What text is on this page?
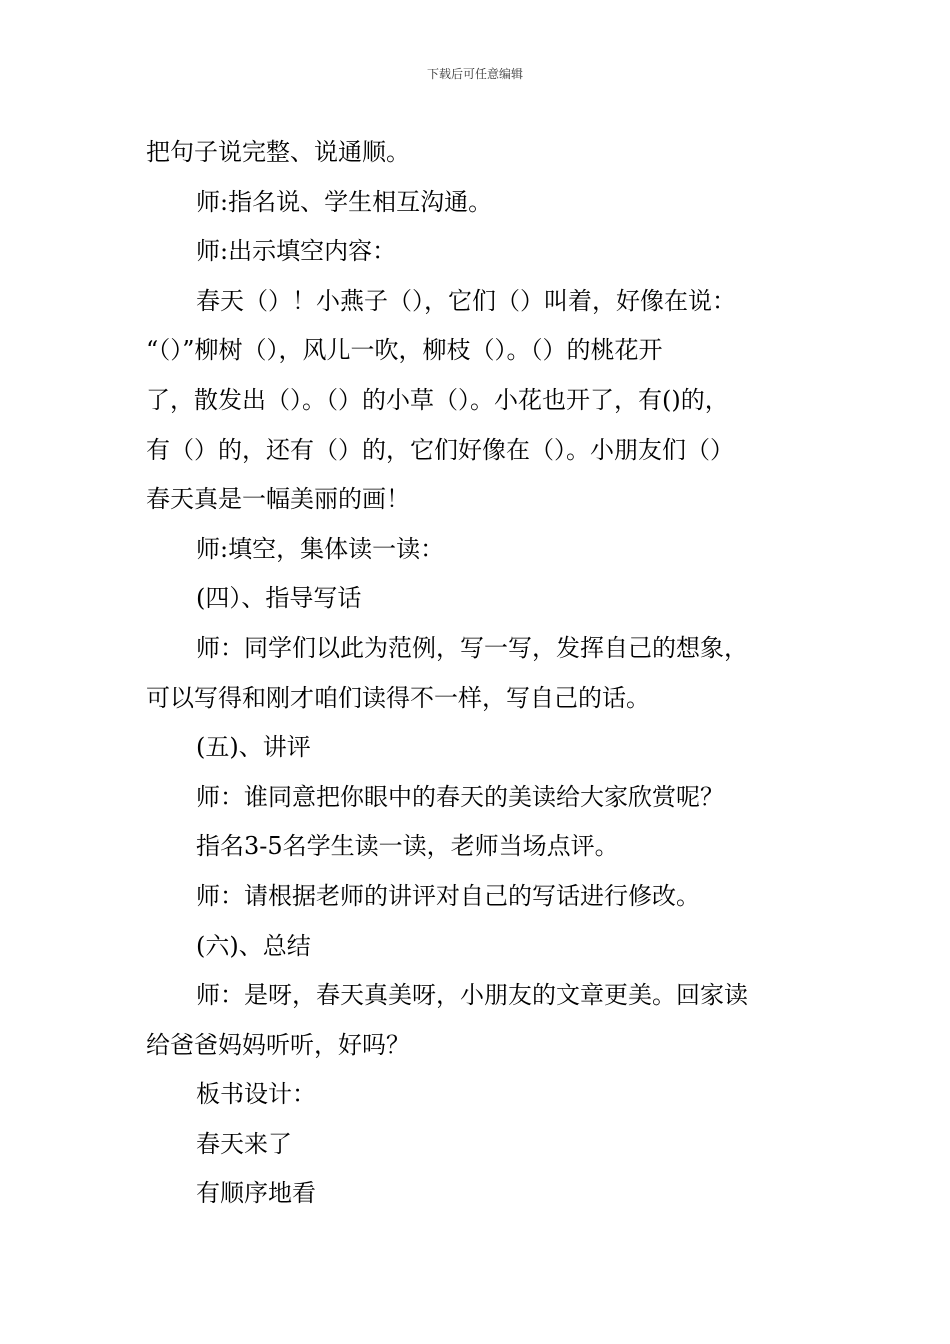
下载后可任意编辑
把句子说完整、说通顺。
师:指名说、学生相互沟通。
师:出示填空内容：
春天（）！小燕子（），它们（）叫着，好像在说：
“（）”柳树（），风儿一吹，柳枝（）。（）的桃花开
了，散发出（）。（）的小草（）。小花也开了，有()的，
有（）的，还有（）的，它们好像在（）。小朋友们（）
春天真是一幅美丽的画！
师:填空，集体读一读：
(四）、指导写话
师：同学们以此为范例，写一写，发挥自己的想象，
可以写得和刚才咱们读得不一样，写自己的话。
(五)、讲评
师：谁同意把你眼中的春天的美读给大家欣赏呢？
指名3-5名学生读一读，老师当场点评。
师：请根据老师的讲评对自己的写话进行修改。
(六)、总结
师：是呀，春天真美呀，小朋友的文章更美。回家读
给爸爸妈妈听听，好吗？
板书设计：
春天来了
有顺序地看
